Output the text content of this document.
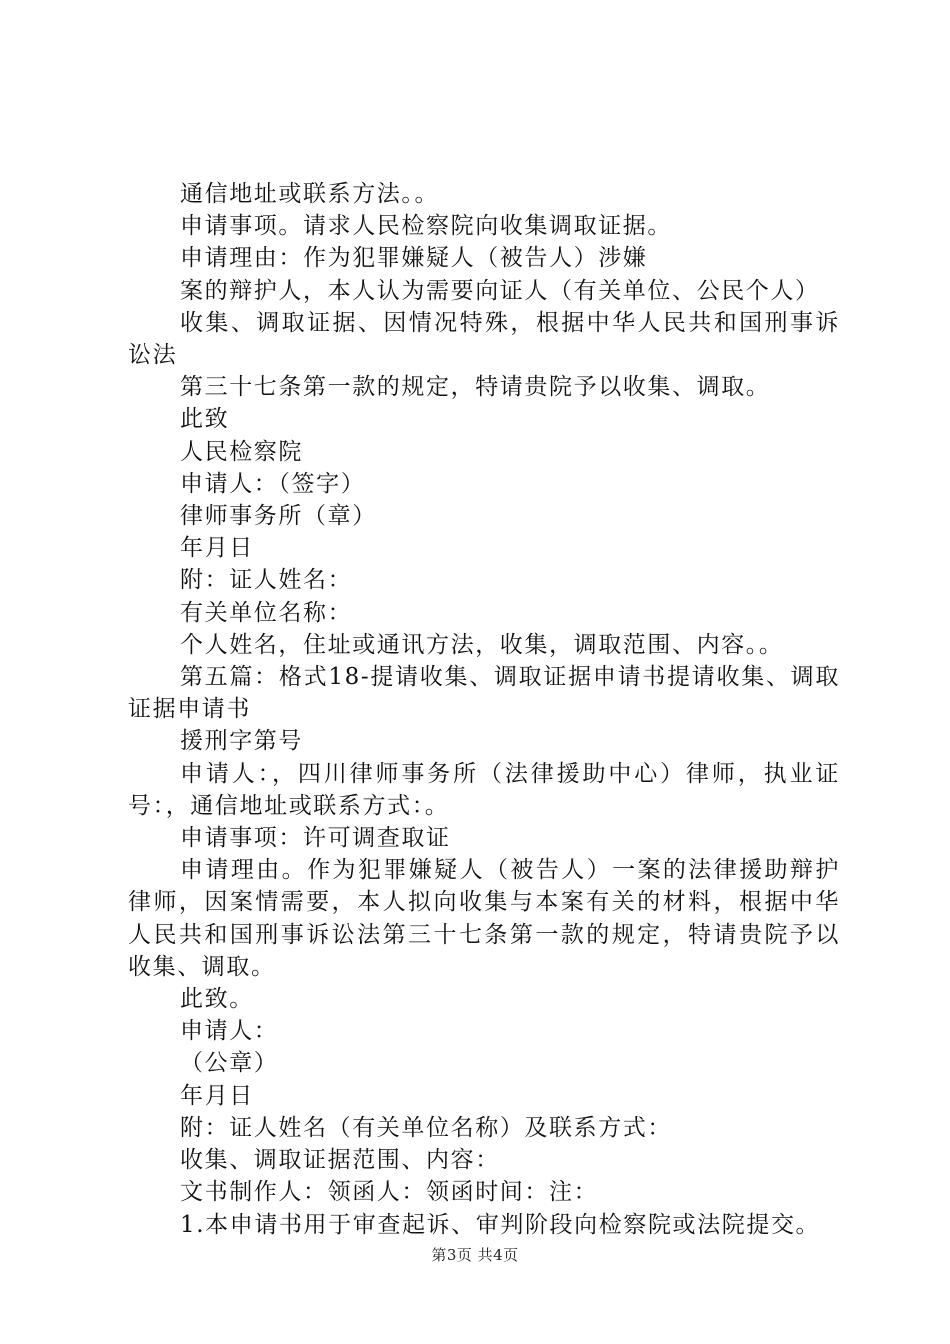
通信地址或联系方法。。

申请事项。请求人民检察院向收集调取证据。

申请理由：作为犯罪嫌疑人（被告人）涉嫌

案的辩护人，本人认为需要向证人（有关单位、公民个人）

收集、调取证据、因情况特殊，根据中华人民共和国刑事诉讼法

第三十七条第一款的规定，特请贵院予以收集、调取。

此致

人民检察院

申请人：（签字）

律师事务所（章）

年月日

附：证人姓名：

有关单位名称：

个人姓名，住址或通讯方法，收集，调取范围、内容。。

第五篇：格式18-提请收集、调取证据申请书提请收集、调取证据申请书

援刑字第号

申请人：，四川律师事务所（法律援助中心）律师，执业证号：，通信地址或联系方式：。

申请事项：许可调查取证

申请理由。作为犯罪嫌疑人（被告人）一案的法律援助辩护律师，因案情需要，本人拟向收集与本案有关的材料，根据中华人民共和国刑事诉讼法第三十七条第一款的规定，特请贵院予以收集、调取。

此致。

申请人：

（公章）

年月日

附：证人姓名（有关单位名称）及联系方式：

收集、调取证据范围、内容：

文书制作人：领函人：领函时间：注：

1.本申请书用于审查起诉、审判阶段向检察院或法院提交。

第3页 共4页
